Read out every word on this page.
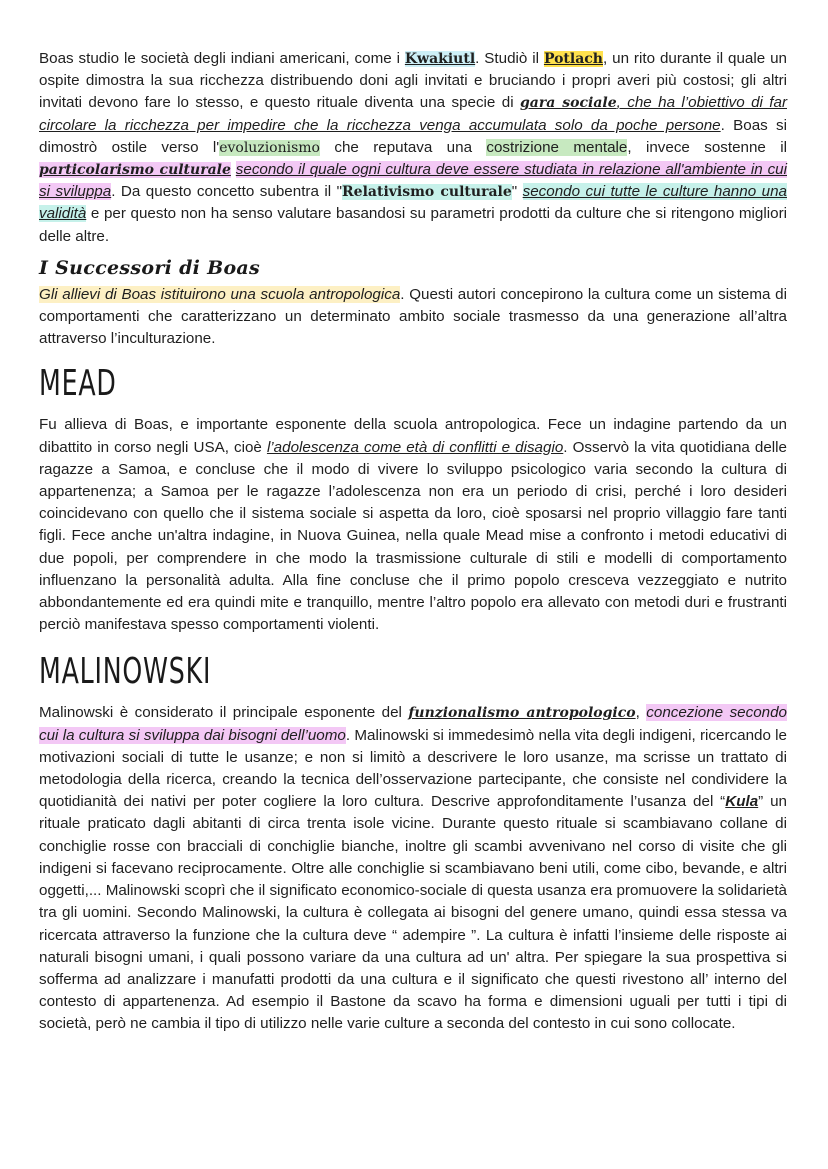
Boas studio le società degli indiani americani, come i Kwakiutl. Studiò il Potlach, un rito durante il quale un ospite dimostra la sua ricchezza distribuendo doni agli invitati e bruciando i propri averi più costosi; gli altri invitati devono fare lo stesso, e questo rituale diventa una specie di gara sociale, che ha l’obiettivo di far circolare la ricchezza per impedire che la ricchezza venga accumulata solo da poche persone. Boas si dimostrò ostile verso l'evoluzionismo che reputava una costrizione mentale, invece sostenne il particolarismo culturale secondo il quale ogni cultura deve essere studiata in relazione all'ambiente in cui si sviluppa. Da questo concetto subentra il "Relativismo culturale" secondo cui tutte le culture hanno una validità e per questo non ha senso valutare basandosi su parametri prodotti da culture che si ritengono migliori delle altre.

I Successori di Boas

Gli allievi di Boas istituirono una scuola antropologica. Questi autori concepirono la cultura come un sistema di comportamenti che caratterizzano un determinato ambito sociale trasmesso da una generazione all’altra attraverso l’inculturazione.

MEAD

Fu allieva di Boas, e importante esponente della scuola antropologica. Fece un indagine partendo da un dibattito in corso negli USA, cioè l’adolescenza come età di conflitti e disagio. Osservò la vita quotidiana delle ragazze a Samoa, e concluse che il modo di vivere lo sviluppo psicologico varia secondo la cultura di appartenenza; a Samoa per le ragazze l’adolescenza non era un periodo di crisi, perché i loro desideri coincidevano con quello che il sistema sociale si aspetta da loro, cioè sposarsi nel proprio villaggio fare tanti figli. Fece anche un'altra indagine, in Nuova Guinea, nella quale Mead mise a confronto i metodi educativi di due popoli, per comprendere in che modo la trasmissione culturale di stili e modelli di comportamento influenzano la personalità adulta. Alla fine concluse che il primo popolo cresceva vezzeggiato e nutrito abbondantemente ed era quindi mite e tranquillo, mentre l’altro popolo era allevato con metodi duri e frustranti perciò manifestava spesso comportamenti violenti.

MALINOWSKI

Malinowski è considerato il principale esponente del funzionalismo antropologico, concezione secondo cui la cultura si sviluppa dai bisogni dell’uomo. Malinowski si immedesimò nella vita degli indigeni, ricercando le motivazioni sociali di tutte le usanze; e non si limitò a descrivere le loro usanze, ma scrisse un trattato di metodologia della ricerca, creando la tecnica dell’osservazione partecipante, che consiste nel condividere la quotidianità dei nativi per poter cogliere la loro cultura. Descrive approfonditamente l’usanza del “Kula” un rituale praticato dagli abitanti di circa trenta isole vicine. Durante questo rituale si scambiavano collane di conchiglie rosse con bracciali di conchiglie bianche, inoltre gli scambi avvenivano nel corso di visite che gli indigeni si facevano reciprocamente. Oltre alle conchiglie si scambiavano beni utili, come cibo, bevande, e altri oggetti,... Malinowski scoprì che il significato economico-sociale di questa usanza era promuovere la solidarietà tra gli uomini. Secondo Malinowski, la cultura è collegata ai bisogni del genere umano, quindi essa stessa va ricercata attraverso la funzione che la cultura deve “ adempire ”. La cultura è infatti l’insieme delle risposte ai naturali bisogni umani, i quali possono variare da una cultura ad un' altra. Per spiegare la sua prospettiva si sofferma ad analizzare i manufatti prodotti da una cultura e il significato che questi rivestono all’ interno del contesto di appartenenza. Ad esempio il Bastone da scavo ha forma e dimensioni uguali per tutti i tipi di società, però ne cambia il tipo di utilizzo nelle varie culture a seconda del contesto in cui sono collocate.
